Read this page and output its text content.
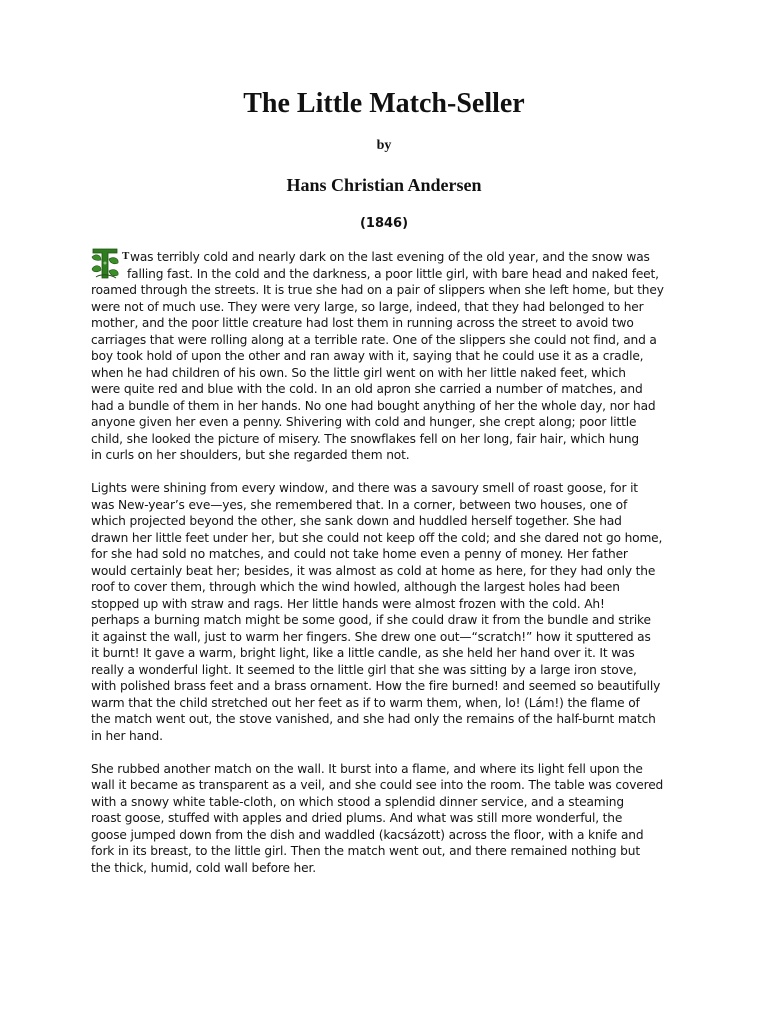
The Little Match-Seller
by
Hans Christian Andersen
(1846)
T was terribly cold and nearly dark on the last evening of the old year, and the snow was
falling fast. In the cold and the darkness, a poor little girl, with bare head and naked feet,
roamed through the streets. It is true she had on a pair of slippers when she left home, but they
were not of much use. They were very large, so large, indeed, that they had belonged to her
mother, and the poor little creature had lost them in running across the street to avoid two
carriages that were rolling along at a terrible rate. One of the slippers she could not find, and a
boy took hold of upon the other and ran away with it, saying that he could use it as a cradle,
when he had children of his own. So the little girl went on with her little naked feet, which
were quite red and blue with the cold. In an old apron she carried a number of matches, and
had a bundle of them in her hands. No one had bought anything of her the whole day, nor had
anyone given her even a penny. Shivering with cold and hunger, she crept along; poor little
child, she looked the picture of misery. The snowflakes fell on her long, fair hair, which hung
in curls on her shoulders, but she regarded them not.
Lights were shining from every window, and there was a savoury smell of roast goose, for it
was New-year’s eve—yes, she remembered that. In a corner, between two houses, one of
which projected beyond the other, she sank down and huddled herself together. She had
drawn her little feet under her, but she could not keep off the cold; and she dared not go home,
for she had sold no matches, and could not take home even a penny of money. Her father
would certainly beat her; besides, it was almost as cold at home as here, for they had only the
roof to cover them, through which the wind howled, although the largest holes had been
stopped up with straw and rags. Her little hands were almost frozen with the cold. Ah!
perhaps a burning match might be some good, if she could draw it from the bundle and strike
it against the wall, just to warm her fingers. She drew one out—“scratch!” how it sputtered as
it burnt! It gave a warm, bright light, like a little candle, as she held her hand over it. It was
really a wonderful light. It seemed to the little girl that she was sitting by a large iron stove,
with polished brass feet and a brass ornament. How the fire burned! and seemed so beautifully
warm that the child stretched out her feet as if to warm them, when, lo! (Lám!) the flame of
the match went out, the stove vanished, and she had only the remains of the half-burnt match
in her hand.
She rubbed another match on the wall. It burst into a flame, and where its light fell upon the
wall it became as transparent as a veil, and she could see into the room. The table was covered
with a snowy white table-cloth, on which stood a splendid dinner service, and a steaming
roast goose, stuffed with apples and dried plums. And what was still more wonderful, the
goose jumped down from the dish and waddled (kacsázott) across the floor, with a knife and
fork in its breast, to the little girl. Then the match went out, and there remained nothing but
the thick, humid, cold wall before her.
